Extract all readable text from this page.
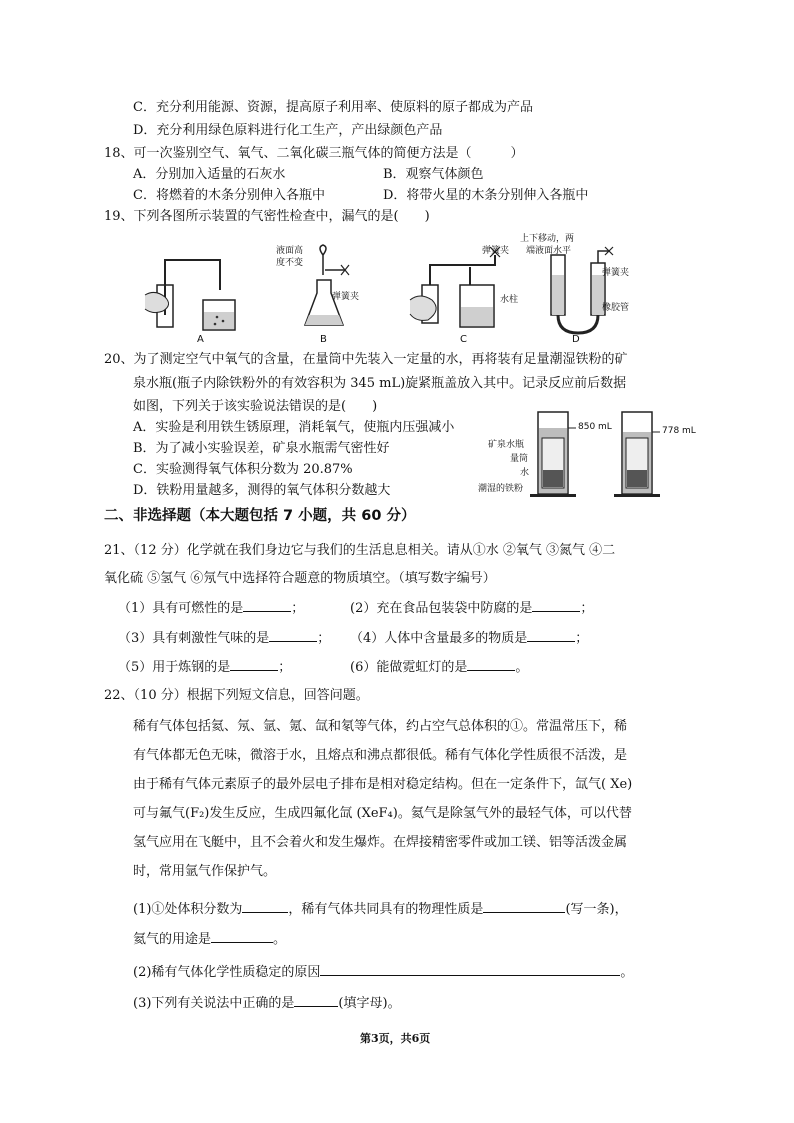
C．充分利用能源、资源，提高原子利用率、使原料的原子都成为产品
D．充分利用绿色原料进行化工生产，产出绿颜色产品
18、可一次鉴别空气、氧气、二氧化碳三瓶气体的简便方法是（　　　）
A．分别加入适量的石灰水	B．观察气体颜色
C．将燃着的木条分别伸入各瓶中	D．将带火星的木条分别伸入各瓶中
19、下列各图所示装置的气密性检查中，漏气的是(　　)
A
液面高
度不变
弹簧夹
B
弹簧夹
水柱
C
上下移动，两
端液面水平
弹簧夹
橡胶管
D
20、为了测定空气中氧气的含量，在量筒中先装入一定量的水，再将装有足量潮湿铁粉的矿
泉水瓶(瓶子内除铁粉外的有效容积为 345 mL)旋紧瓶盖放入其中。记录反应前后数据
如图，下列关于该实验说法错误的是(　　)
A．实验是利用铁生锈原理，消耗氧气，使瓶内压强减小
B．为了减小实验误差，矿泉水瓶需气密性好
C．实验测得氧气体积分数为 20.87%
D．铁粉用量越多，测得的氧气体积分数越大
850 mL	778 mL
矿泉水瓶
量筒
水
潮湿的铁粉
二、非选择题（本大题包括 7 小题，共 60 分）
21、（12 分）化学就在我们身边它与我们的生活息息相关。请从①水 ②氧气 ③氮气 ④二
氧化硫 ⑤氢气 ⑥氖气中选择符合题意的物质填空。（填写数字编号）
（1）具有可燃性的是	；	(2）充在食品包装袋中防腐的是	；
（3）具有刺激性气味的是	； （4）人体中含量最多的物质是	；
（5）用于炼钢的是	；	(6）能做霓虹灯的是	。
22、（10 分）根据下列短文信息，回答问题。
稀有气体包括氦、氖、氩、氪、氙和氡等气体，约占空气总体积的①。常温常压下，稀
有气体都无色无味，微溶于水，且熔点和沸点都很低。稀有气体化学性质很不活泼，是
由于稀有气体元素原子的最外层电子排布是相对稳定结构。但在一定条件下，氙气( Xe)
可与氟气(F₂)发生反应，生成四氟化氙 (XeF₄)。氦气是除氢气外的最轻气体，可以代替
氢气应用在飞艇中，且不会着火和发生爆炸。在焊接精密零件或加工镁、铝等活泼金属
时，常用氩气作保护气。
(1)①处体积分数为	，稀有气体共同具有的物理性质是	(写一条)，
氦气的用途是	。
(2)稀有气体化学性质稳定的原因	。
(3)下列有关说法中正确的是	(填字母)。
第3页，共6页
